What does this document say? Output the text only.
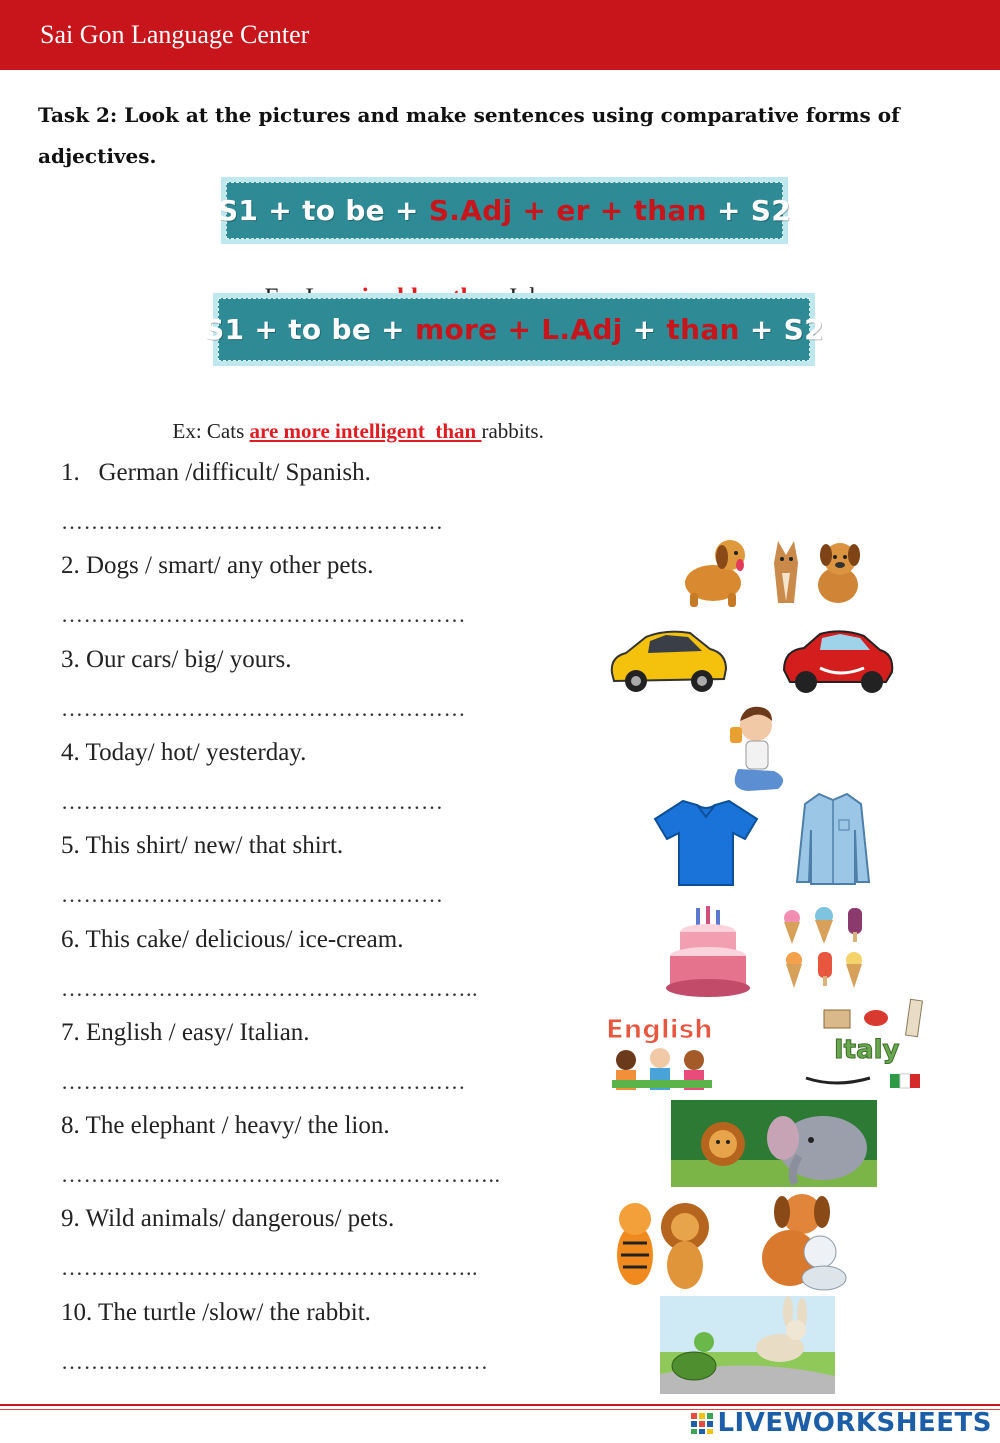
Sai Gon Language Center
Task 2: Look at the pictures and make sentences using comparative forms of adjectives.
S1 + to be + S.Adj + er + than + S2

S1 + to be + more + L.Adj + than + S2

Ex: Cats are more intelligent  than rabbits.

1.   German /difficult/ Spanish.
……………………………………………
2. Dogs / smart/ any other pets.
………………………………………………
3. Our cars/ big/ yours.
………………………………………………
4. Today/ hot/ yesterday.
……………………………………………
5. This shirt/ new/ that shirt.
……………………………………………
6. This cake/ delicious/ ice-cream.
………………………………………………..
7. English / easy/ Italian.
………………………………………………
8. The elephant / heavy/ the lion.
…………………………………………………..
9. Wild animals/ dangerous/ pets.
………………………………………………..
10. The turtle /slow/ the rabbit.
…………………………………………………
English
Italy
LIVEWORKSHEETS
